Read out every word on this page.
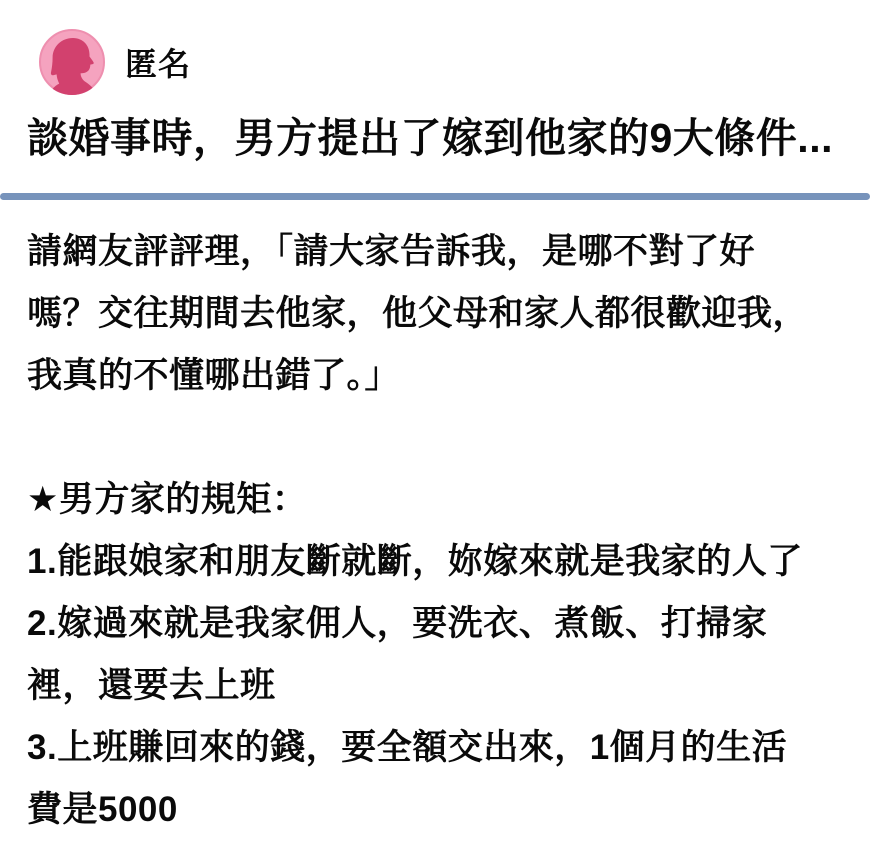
匿名
談婚事時，男方提出了嫁到他家的9大條件...
請網友評評理，「請大家告訴我，是哪不對了好
嗎？交往期間去他家，他父母和家人都很歡迎我，
我真的不懂哪出錯了。」
★男方家的規矩：
1.能跟娘家和朋友斷就斷，妳嫁來就是我家的人了
2.嫁過來就是我家佣人，要洗衣、煮飯、打掃家
裡，還要去上班
3.上班賺回來的錢，要全額交出來，1個月的生活
費是5000
